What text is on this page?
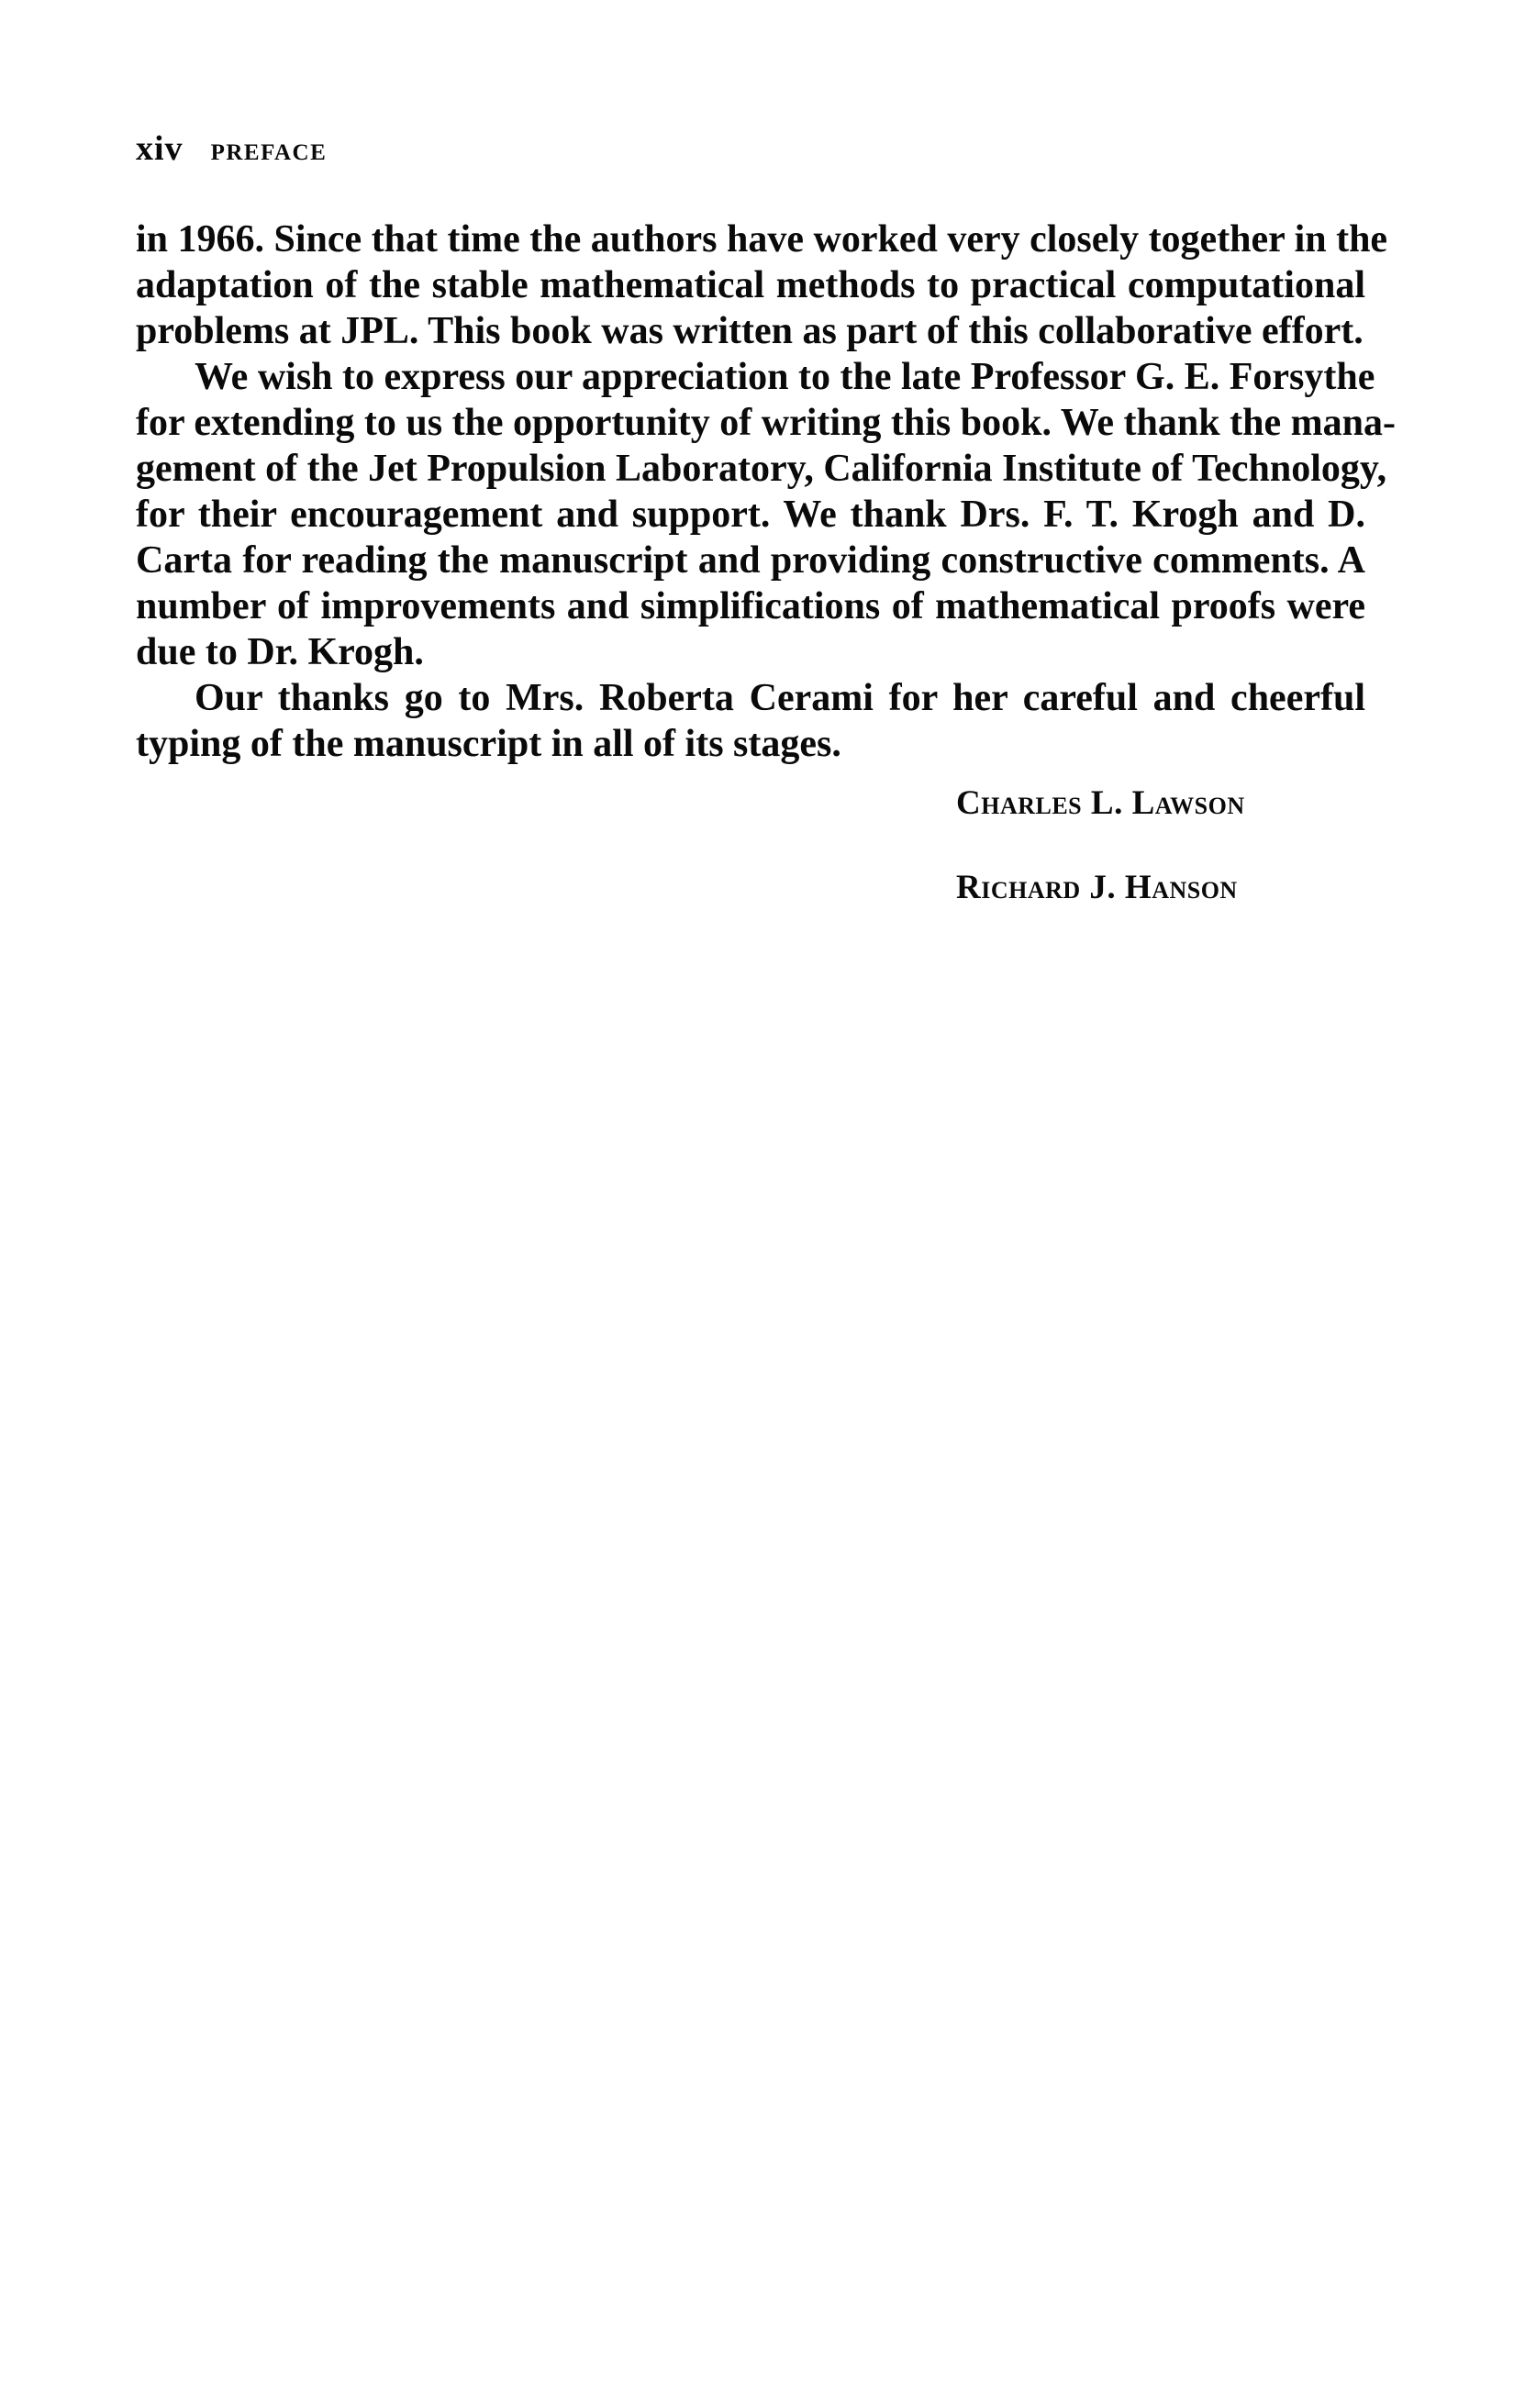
xiv PREFACE
in 1966. Since that time the authors have worked very closely together in the
adaptation of the stable mathematical methods to practical computational
problems at JPL. This book was written as part of this collaborative effort.
We wish to express our appreciation to the late Professor G. E. Forsythe
for extending to us the opportunity of writing this book. We thank the mana-
gement of the Jet Propulsion Laboratory, California Institute of Technology,
for their encouragement and support. We thank Drs. F. T. Krogh and D.
Carta for reading the manuscript and providing constructive comments. A
number of improvements and simplifications of mathematical proofs were
due to Dr. Krogh.
Our thanks go to Mrs. Roberta Cerami for her careful and cheerful
typing of the manuscript in all of its stages.
Charles L. Lawson
Richard J. Hanson
